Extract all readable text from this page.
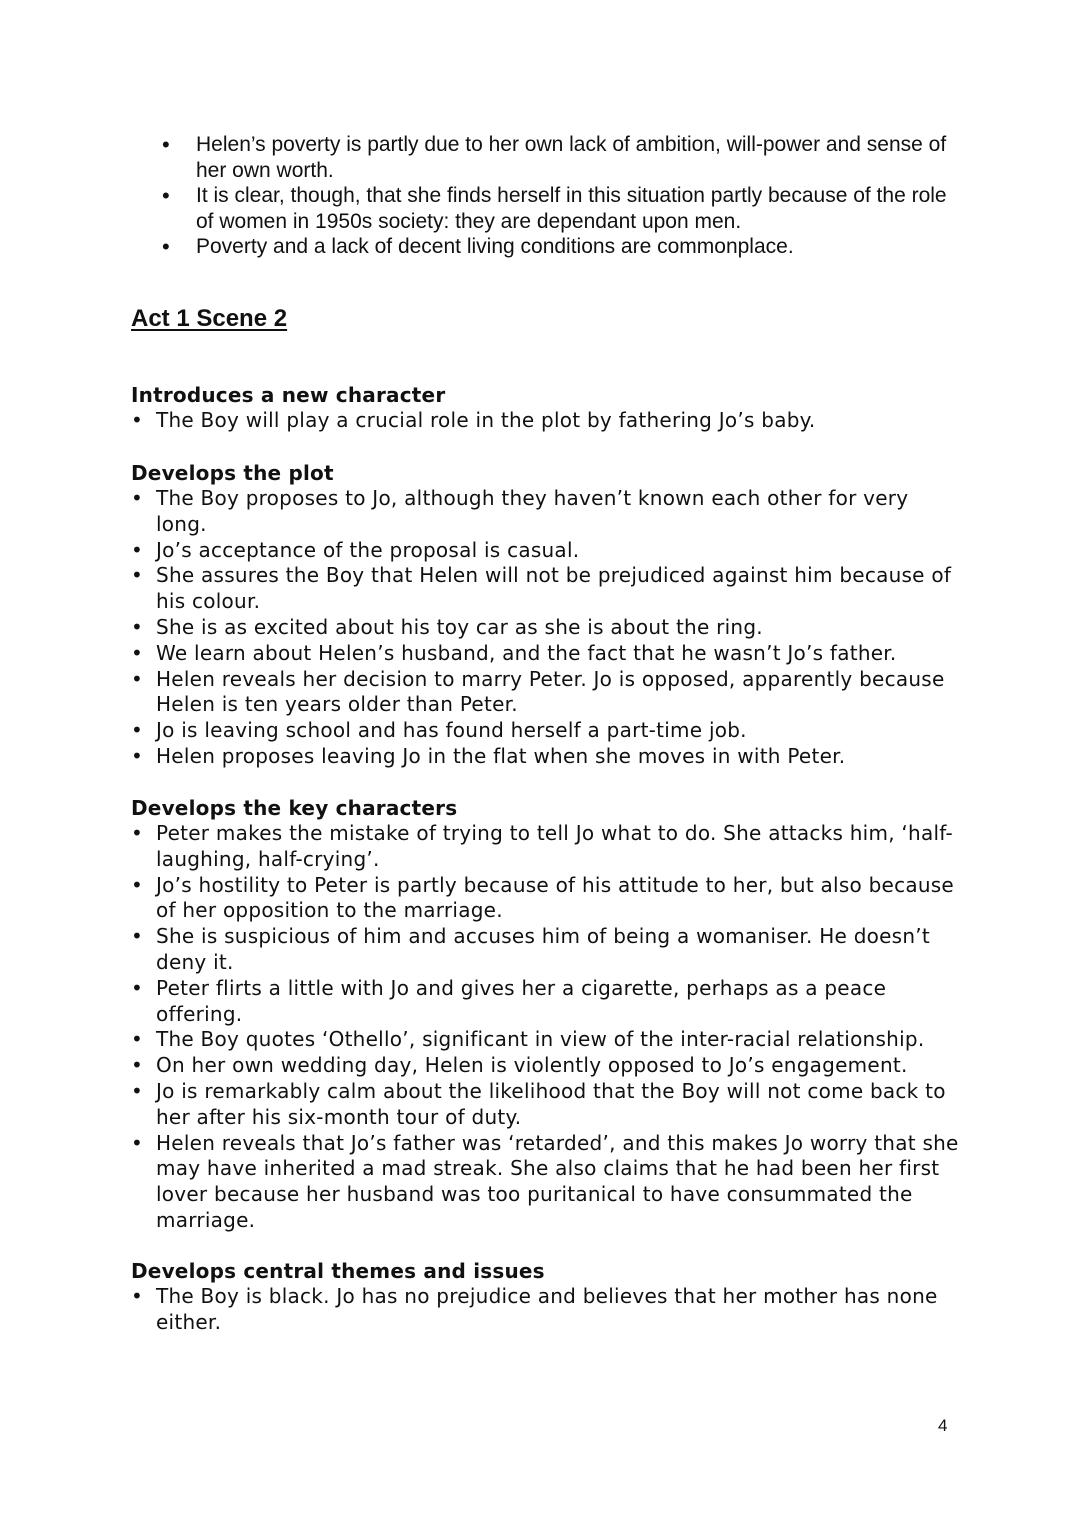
• Helen’s poverty is partly due to her own lack of ambition, will-power and sense of her own worth.
• It is clear, though, that she finds herself in this situation partly because of the role of women in 1950s society: they are dependant upon men.
• Poverty and a lack of decent living conditions are commonplace.
Act 1 Scene 2
Introduces a new character
• The Boy will play a crucial role in the plot by fathering Jo’s baby.
Develops the plot
• The Boy proposes to Jo, although they haven’t known each other for very long.
• Jo’s acceptance of the proposal is casual.
• She assures the Boy that Helen will not be prejudiced against him because of his colour.
• She is as excited about his toy car as she is about the ring.
• We learn about Helen’s husband, and the fact that he wasn’t Jo’s father.
• Helen reveals her decision to marry Peter. Jo is opposed, apparently because Helen is ten years older than Peter.
• Jo is leaving school and has found herself a part-time job.
• Helen proposes leaving Jo in the flat when she moves in with Peter.
Develops the key characters
• Peter makes the mistake of trying to tell Jo what to do. She attacks him, ‘half-laughing, half-crying’.
• Jo’s hostility to Peter is partly because of his attitude to her, but also because of her opposition to the marriage.
• She is suspicious of him and accuses him of being a womaniser. He doesn’t deny it.
• Peter flirts a little with Jo and gives her a cigarette, perhaps as a peace offering.
• The Boy quotes ‘Othello’, significant in view of the inter-racial relationship.
• On her own wedding day, Helen is violently opposed to Jo’s engagement.
• Jo is remarkably calm about the likelihood that the Boy will not come back to her after his six-month tour of duty.
• Helen reveals that Jo’s father was ‘retarded’, and this makes Jo worry that she may have inherited a mad streak. She also claims that he had been her first lover because her husband was too puritanical to have consummated the marriage.
Develops central themes and issues
• The Boy is black. Jo has no prejudice and believes that her mother has none either.
4
